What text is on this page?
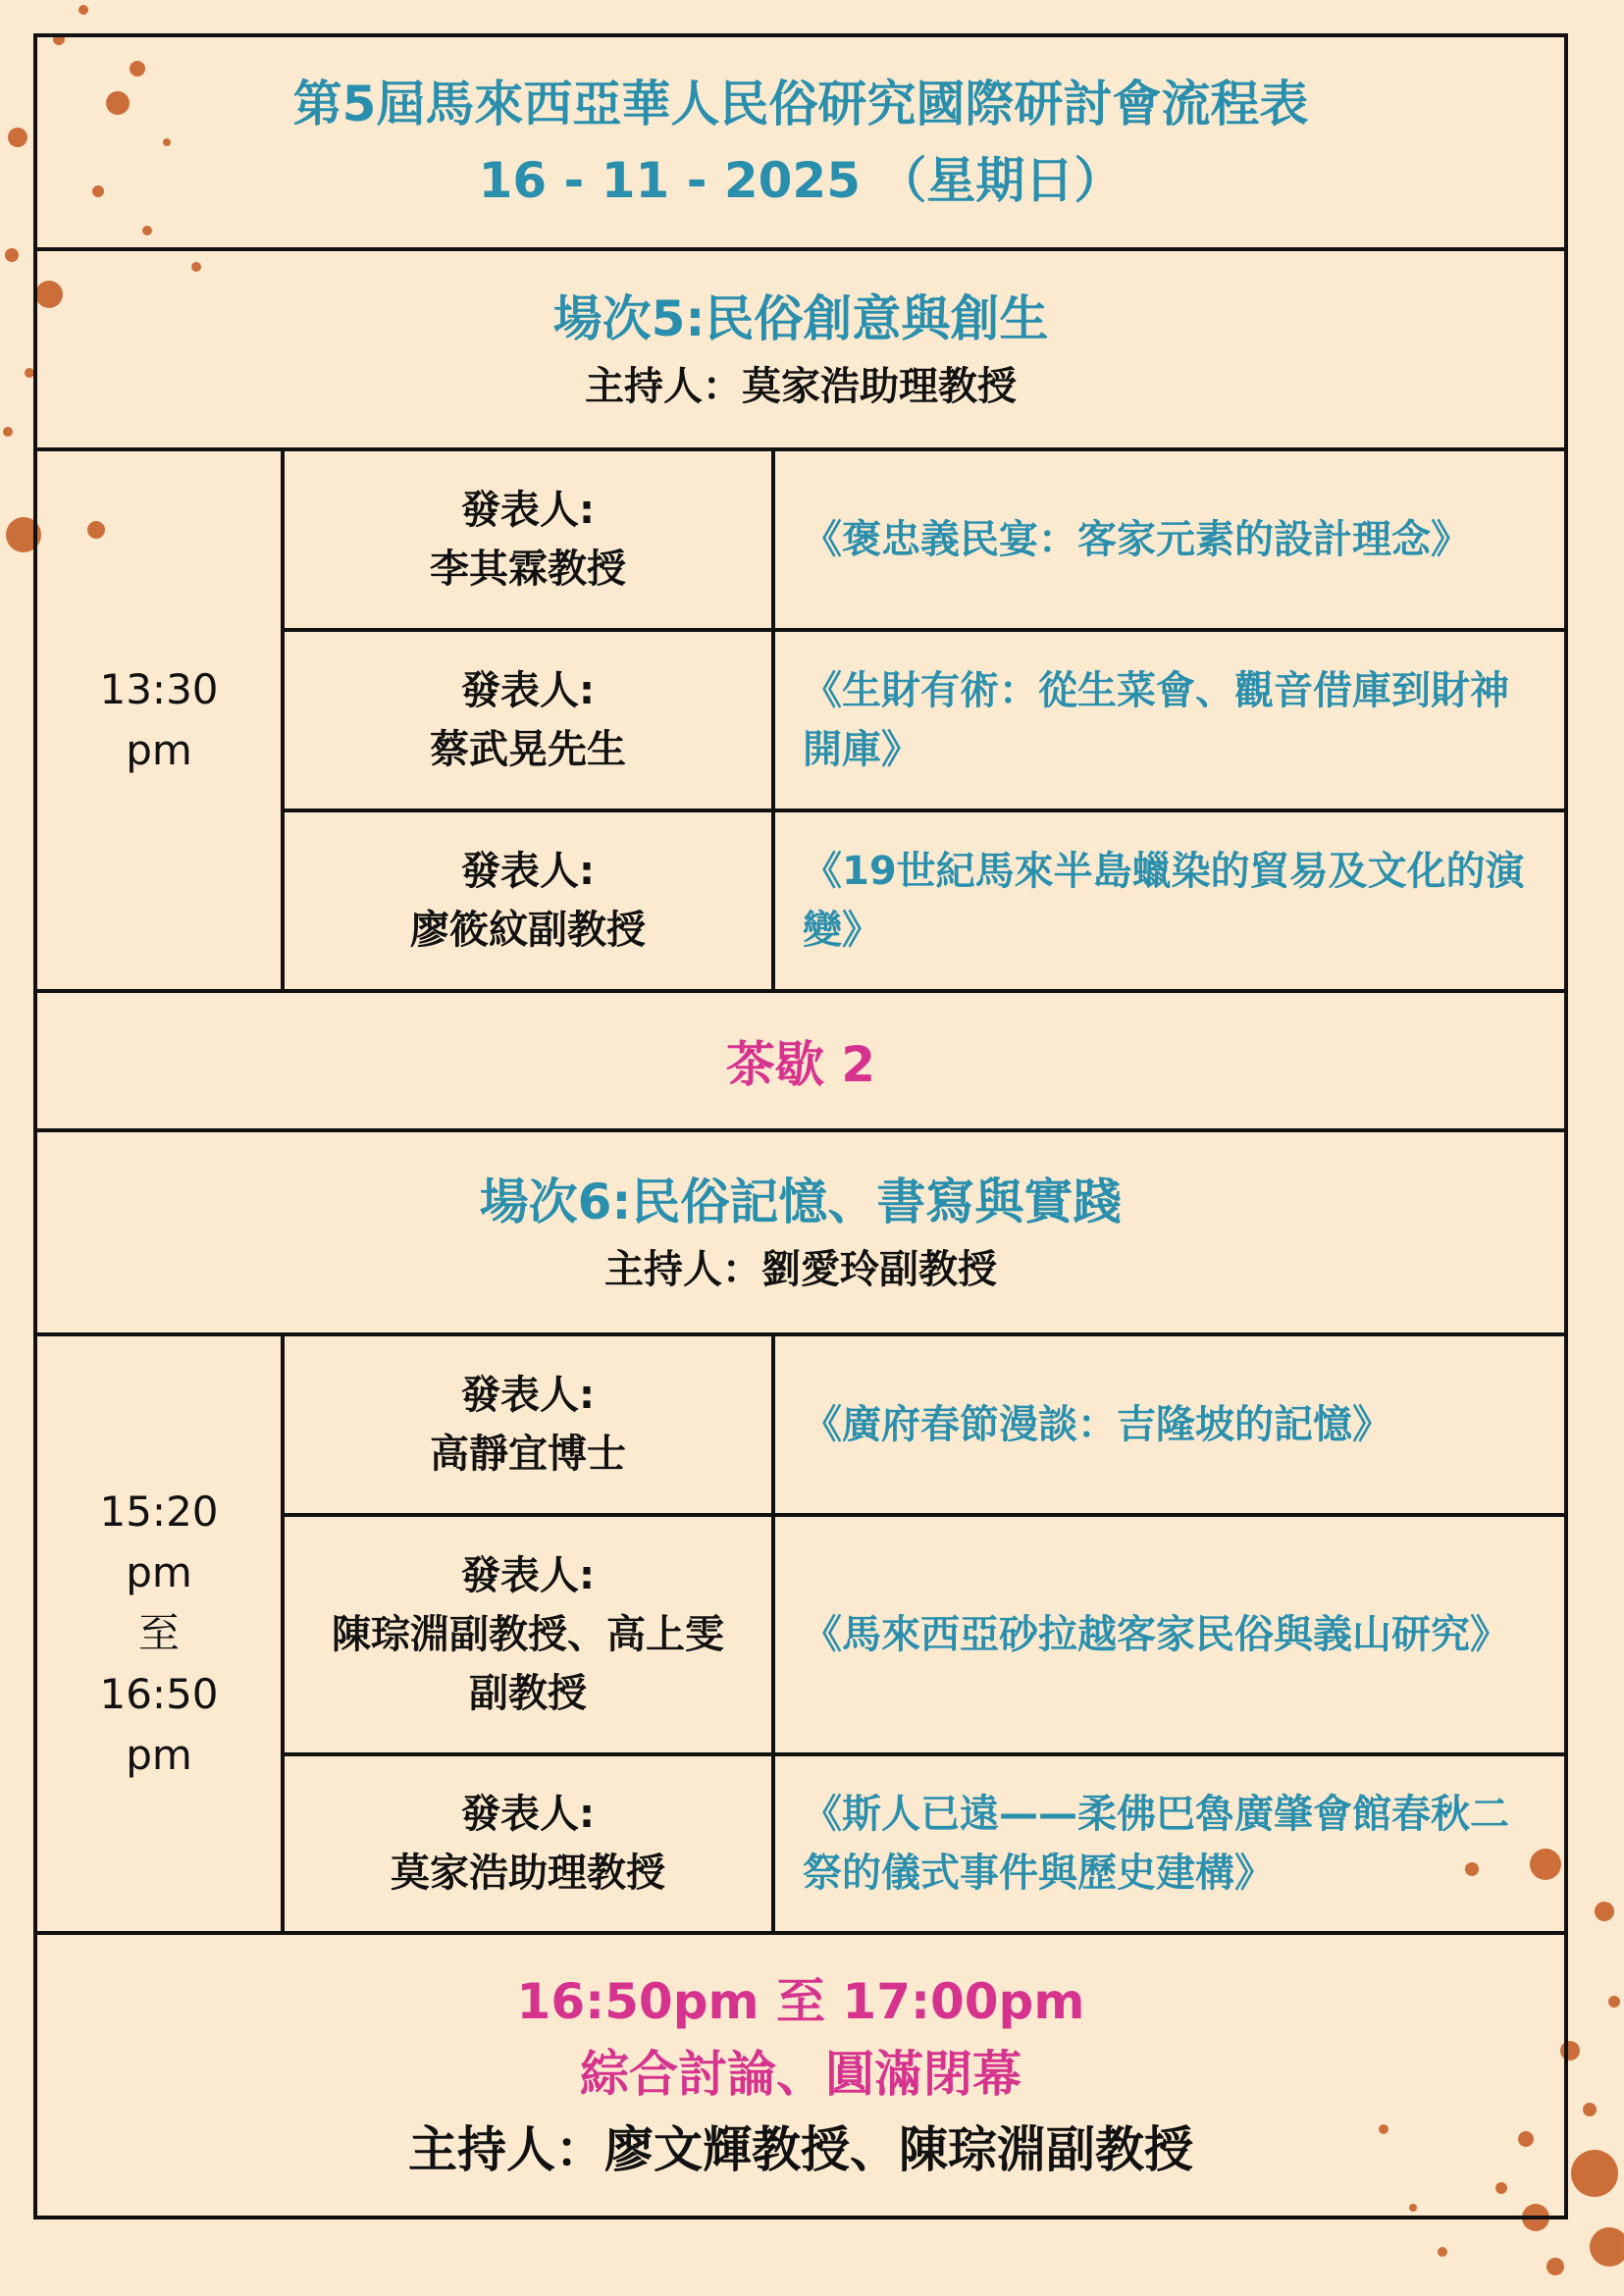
第5屆馬來西亞華人民俗研究國際研討會流程表
16 - 11 - 2025 （星期日）
場次5:民俗創意與創生
主持人：莫家浩助理教授
13:30
pm
發表人:
李其霖教授
《褒忠義民宴：客家元素的設計理念》
發表人:
蔡武晃先生
《生財有術：從生菜會、觀音借庫到財神開庫》
發表人:
廖筱紋副教授
《19世紀馬來半島蠟染的貿易及文化的演變》
茶歇 2
場次6:民俗記憶、書寫與實踐
主持人：劉愛玲副教授
15:20
pm
至
16:50
pm
發表人:
高靜宜博士
《廣府春節漫談：吉隆坡的記憶》
發表人:
陳琮淵副教授、高上雯
副教授
《馬來西亞砂拉越客家民俗與義山研究》
發表人:
莫家浩助理教授
《斯人已遠——柔佛巴魯廣肇會館春秋二祭的儀式事件與歷史建構》
16:50pm 至 17:00pm
綜合討論、圓滿閉幕
主持人：廖文輝教授、陳琮淵副教授
